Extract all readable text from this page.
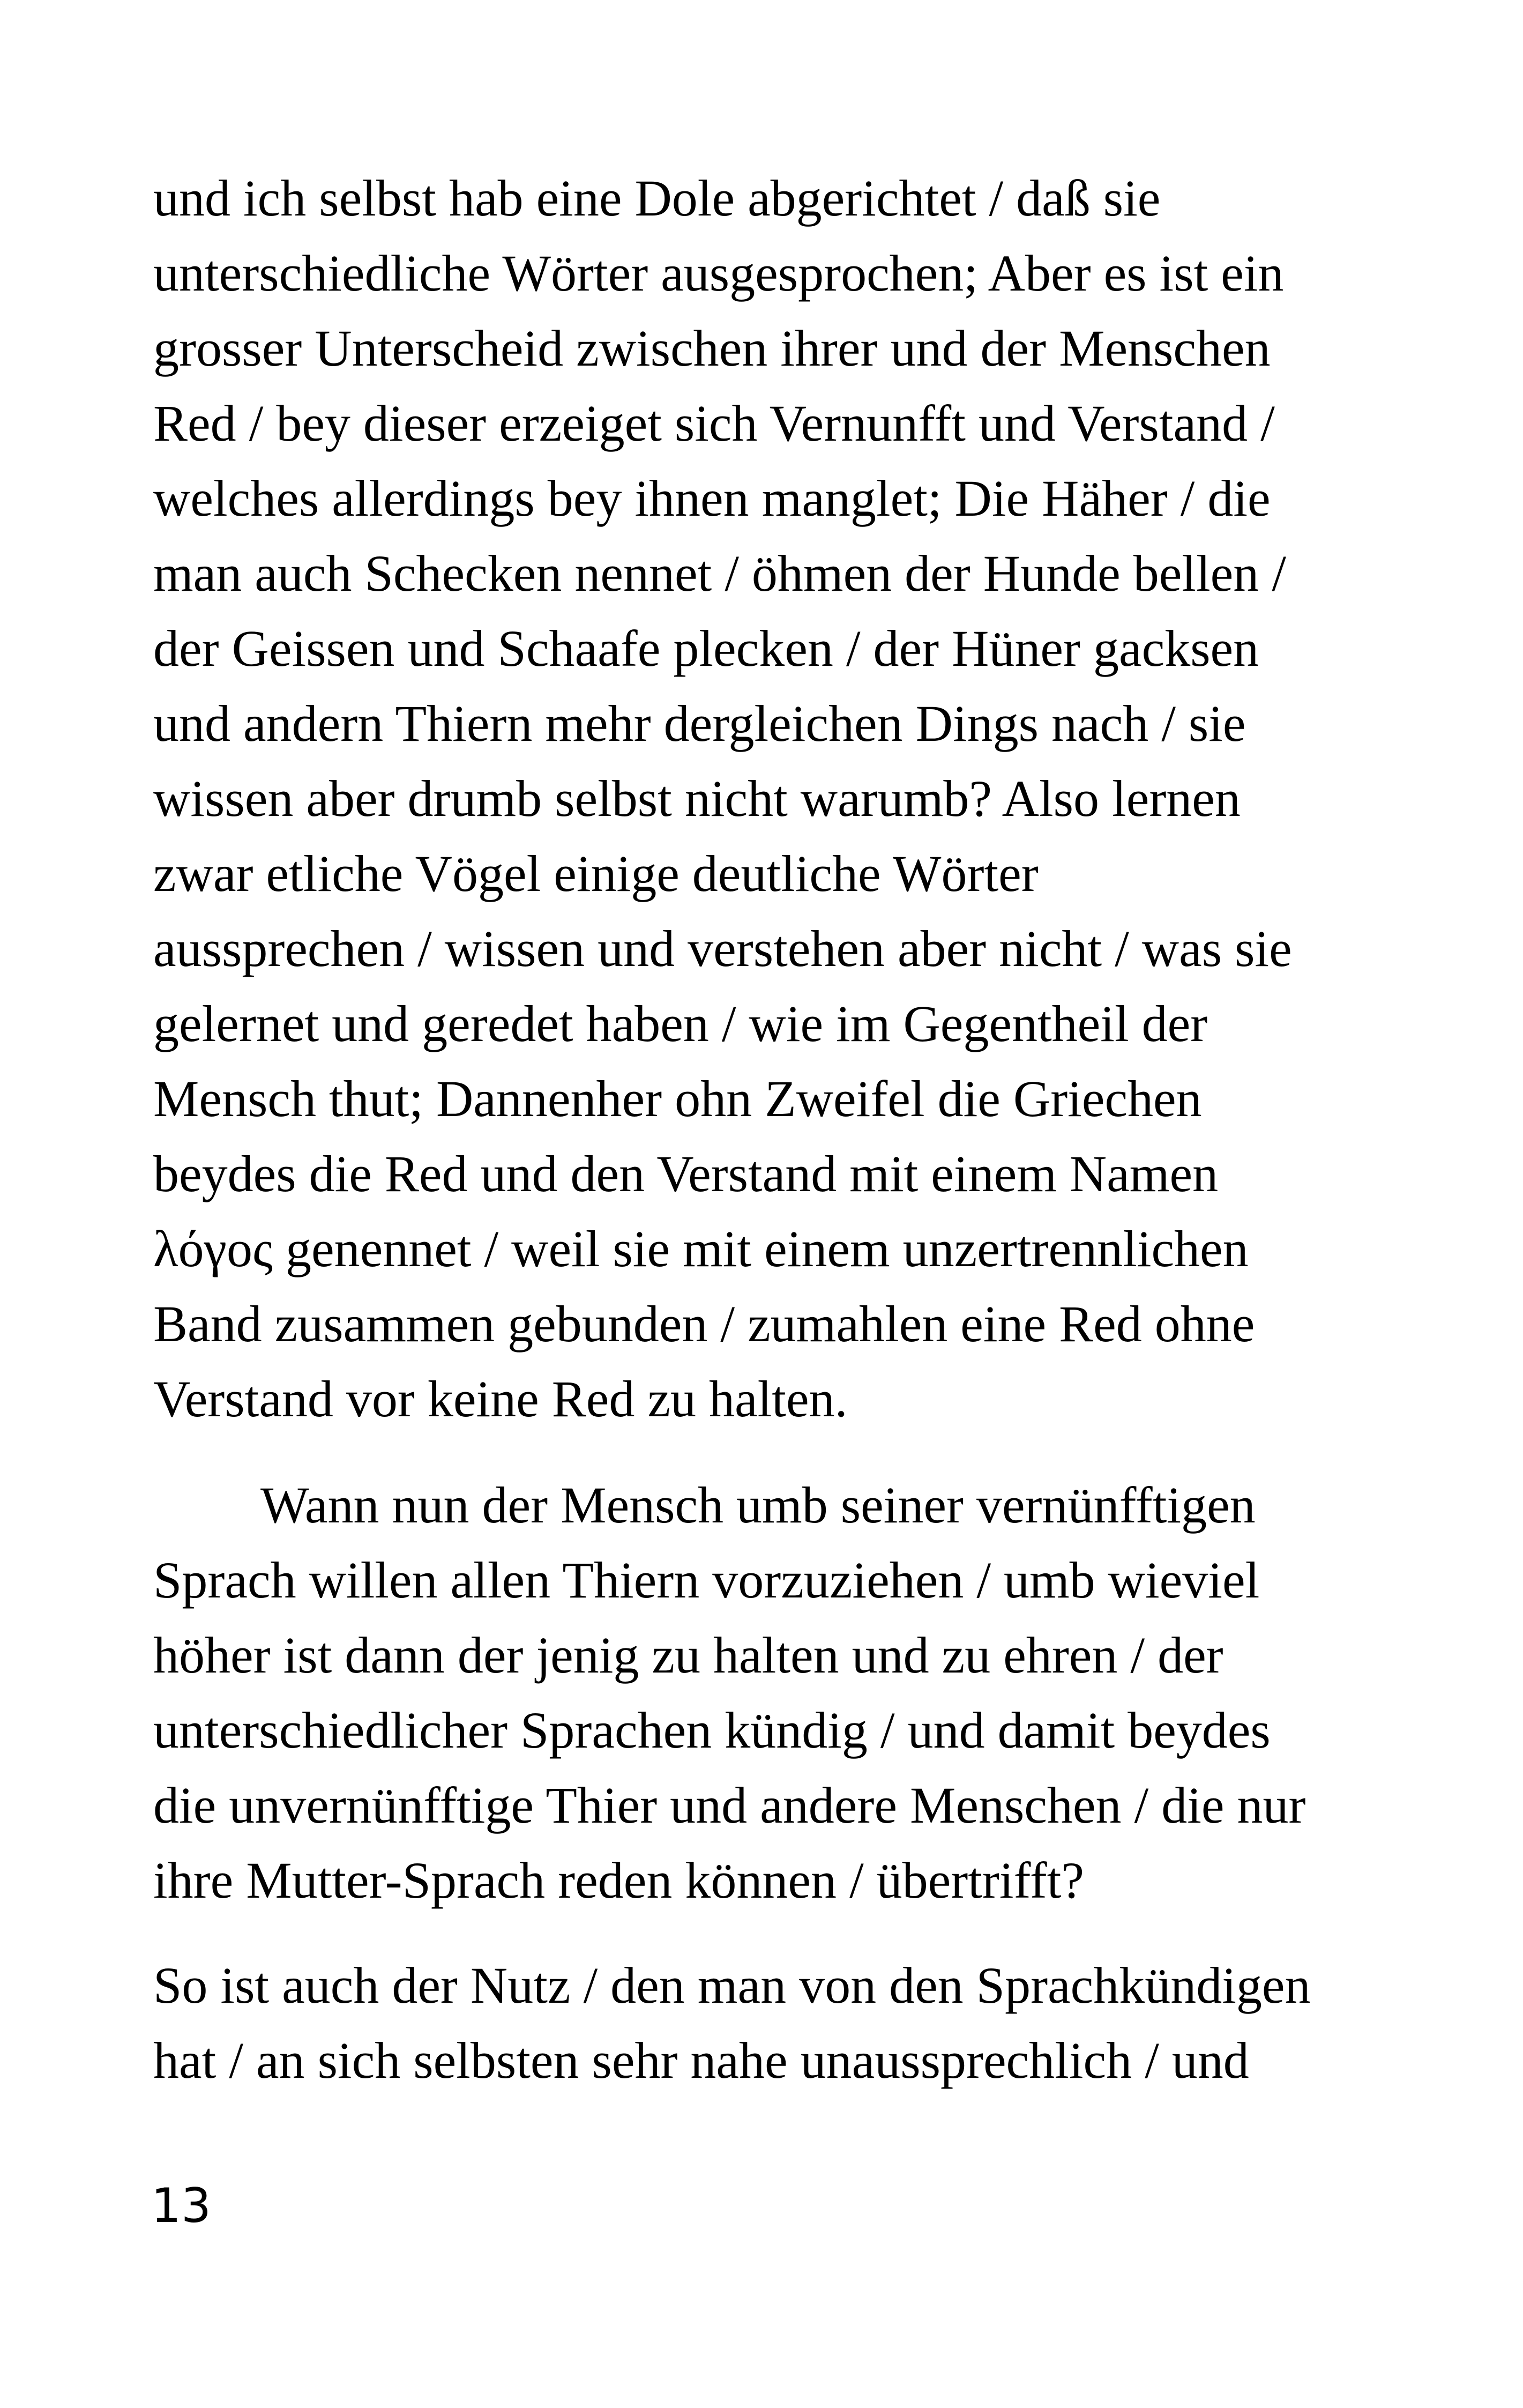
und ich selbst hab eine Dole abgerichtet / daß sie
unterschiedliche Wörter ausgesprochen; Aber es ist ein
grosser Unterscheid zwischen ihrer und der Menschen
Red / bey dieser erzeiget sich Vernunfft und Verstand /
welches allerdings bey ihnen manglet; Die Häher / die
man auch Schecken nennet / öhmen der Hunde bellen /
der Geissen und Schaafe plecken / der Hüner gacksen
und andern Thiern mehr dergleichen Dings nach / sie
wissen aber drumb selbst nicht warumb? Also lernen
zwar etliche Vögel einige deutliche Wörter
aussprechen / wissen und verstehen aber nicht / was sie
gelernet und geredet haben / wie im Gegentheil der
Mensch thut; Dannenher ohn Zweifel die Griechen
beydes die Red und den Verstand mit einem Namen
λόγος genennet / weil sie mit einem unzertrennlichen
Band zusammen gebunden / zumahlen eine Red ohne
Verstand vor keine Red zu halten.
Wann nun der Mensch umb seiner vernünfftigen
Sprach willen allen Thiern vorzuziehen / umb wieviel
höher ist dann der jenig zu halten und zu ehren / der
unterschiedlicher Sprachen kündig / und damit beydes
die unvernünfftige Thier und andere Menschen / die nur
ihre Mutter-Sprach reden können / übertrifft?
So ist auch der Nutz / den man von den Sprachkündigen
hat / an sich selbsten sehr nahe unaussprechlich / und
13
